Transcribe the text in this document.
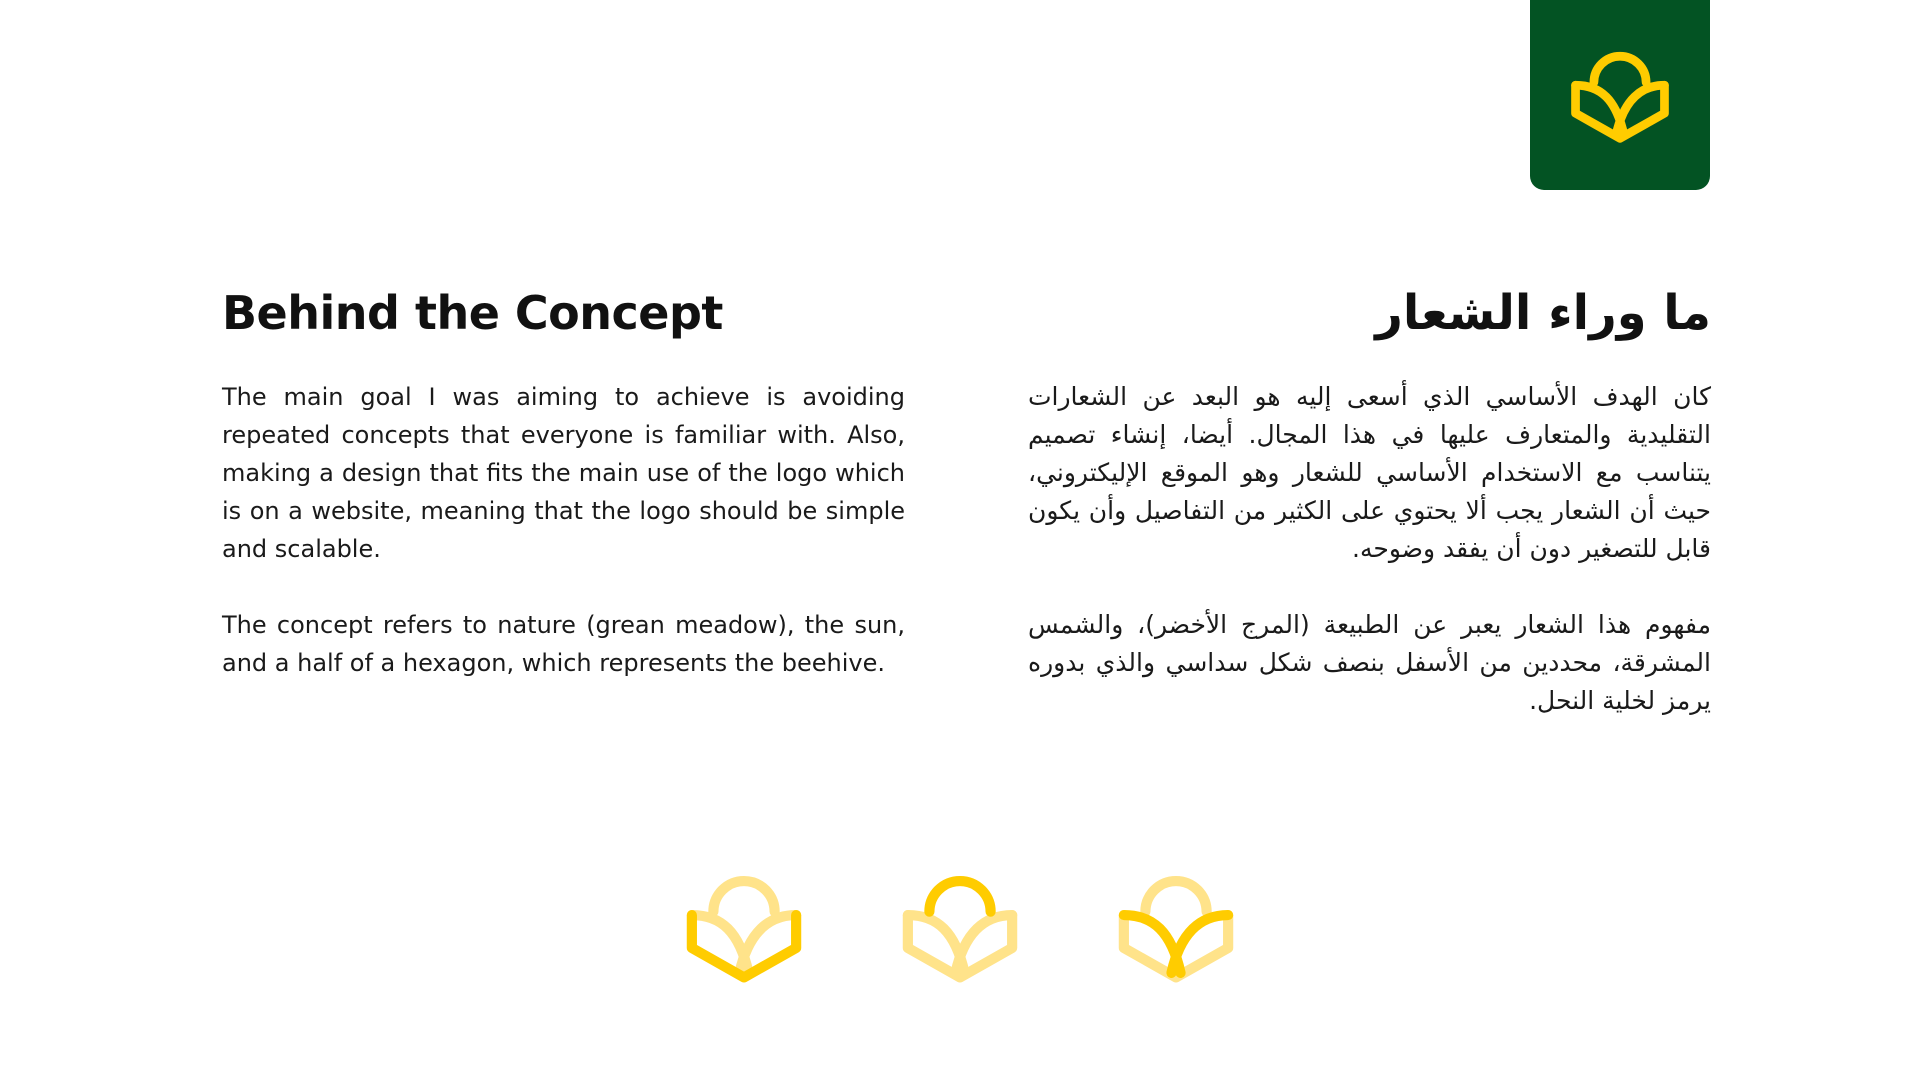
Behind the Concept

The main goal I was aiming to achieve is avoiding repeated concepts that everyone is familiar with. Also, making a design that fits the main use of the logo which is on a website, meaning that the logo should be simple and scalable.

The concept refers to nature (grean meadow), the sun, and a half of a hexagon, which represents the beehive.

ما وراء الشعار

كان الهدف الأساسي الذي أسعى إليه هو البعد عن الشعارات التقليدية والمتعارف عليها في هذا المجال. أيضا، إنشاء تصميم يتناسب مع الاستخدام الأساسي للشعار وهو الموقع الإليكتروني، حيث أن الشعار يجب ألا يحتوي على الكثير من التفاصيل وأن يكون قابل للتصغير دون أن يفقد وضوحه.

مفهوم هذا الشعار يعبر عن الطبيعة (المرج الأخضر)، والشمس المشرقة، محددين من الأسفل بنصف شكل سداسي والذي بدوره يرمز لخلية النحل.
